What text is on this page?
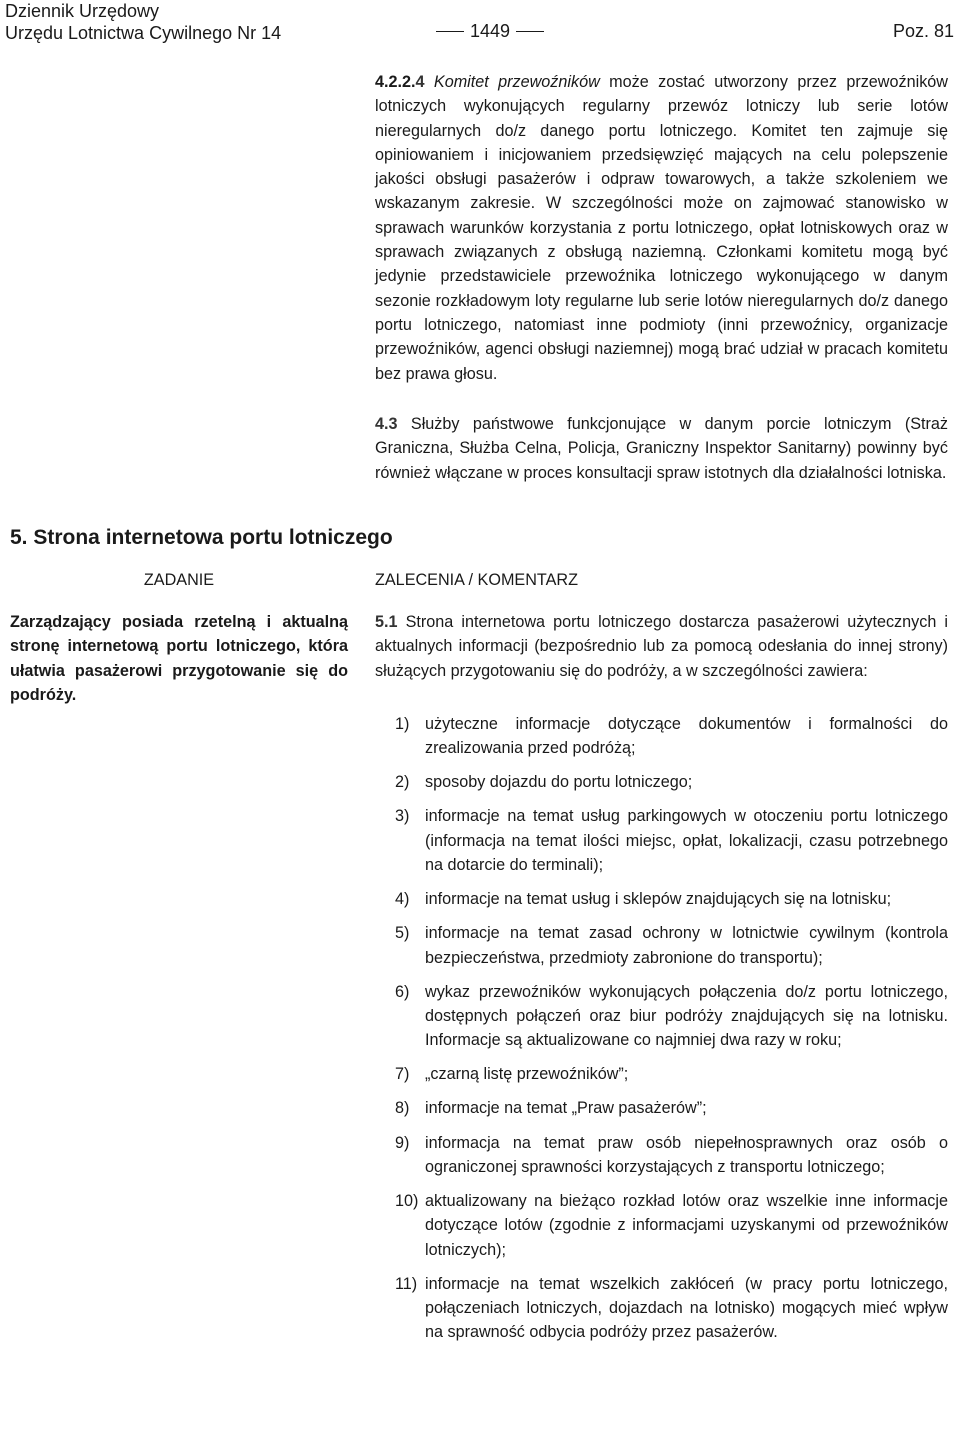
Dziennik Urzędowy
Urzędu Lotnictwa Cywilnego Nr 14	1449	Poz. 81
4.2.2.4 Komitet przewoźników może zostać utworzony przez przewoźników lotniczych wykonujących regularny przewóz lotniczy lub serie lotów nieregularnych do/z danego portu lotniczego. Komitet ten zajmuje się opiniowaniem i inicjowaniem przedsięwzięć mających na celu polepszenie jakości obsługi pasażerów i odpraw towarowych, a także szkoleniem we wskazanym zakresie. W szczególności może on zajmować stanowisko w sprawach warunków korzystania z portu lotniczego, opłat lotniskowych oraz w sprawach związanych z obsługą naziemną. Członkami komitetu mogą być jedynie przedstawiciele przewoźnika lotniczego wykonującego w danym sezonie rozkładowym loty regularne lub serie lotów nieregularnych do/z danego portu lotniczego, natomiast inne podmioty (inni przewoźnicy, organizacje przewoźników, agenci obsługi naziemnej) mogą brać udział w pracach komitetu bez prawa głosu.
4.3 Służby państwowe funkcjonujące w danym porcie lotniczym (Straż Graniczna, Służba Celna, Policja, Graniczny Inspektor Sanitarny) powinny być również włączane w proces konsultacji spraw istotnych dla działalności lotniska.
5. Strona internetowa portu lotniczego
ZADANIE
Zarządzający posiada rzetelną i aktualną stronę internetową portu lotniczego, która ułatwia pasażerowi przygotowanie się do podróży.
ZALECENIA / KOMENTARZ
5.1 Strona internetowa portu lotniczego dostarcza pasażerowi użytecznych i aktualnych informacji (bezpośrednio lub za pomocą odesłania do innej strony) służących przygotowaniu się do podróży, a w szczególności zawiera:
1) użyteczne informacje dotyczące dokumentów i formalności do zrealizowania przed podróżą;
2) sposoby dojazdu do portu lotniczego;
3) informacje na temat usług parkingowych w otoczeniu portu lotniczego (informacja na temat ilości miejsc, opłat, lokalizacji, czasu potrzebnego na dotarcie do terminali);
4) informacje na temat usług i sklepów znajdujących się na lotnisku;
5) informacje na temat zasad ochrony w lotnictwie cywilnym (kontrola bezpieczeństwa, przedmioty zabronione do transportu);
6) wykaz przewoźników wykonujących połączenia do/z portu lotniczego, dostępnych połączeń oraz biur podróży znajdujących się na lotnisku. Informacje są aktualizowane co najmniej dwa razy w roku;
7) „czarną listę przewoźników”;
8) informacje na temat „Praw pasażerów”;
9) informacja na temat praw osób niepełnosprawnych oraz osób o ograniczonej sprawności korzystających z transportu lotniczego;
10) aktualizowany na bieżąco rozkład lotów oraz wszelkie inne informacje dotyczące lotów (zgodnie z informacjami uzyskanymi od przewoźników lotniczych);
11) informacje na temat wszelkich zakłóceń (w pracy portu lotniczego, połączeniach lotniczych, dojazdach na lotnisko) mogących mieć wpływ na sprawność odbycia podróży przez pasażerów.
